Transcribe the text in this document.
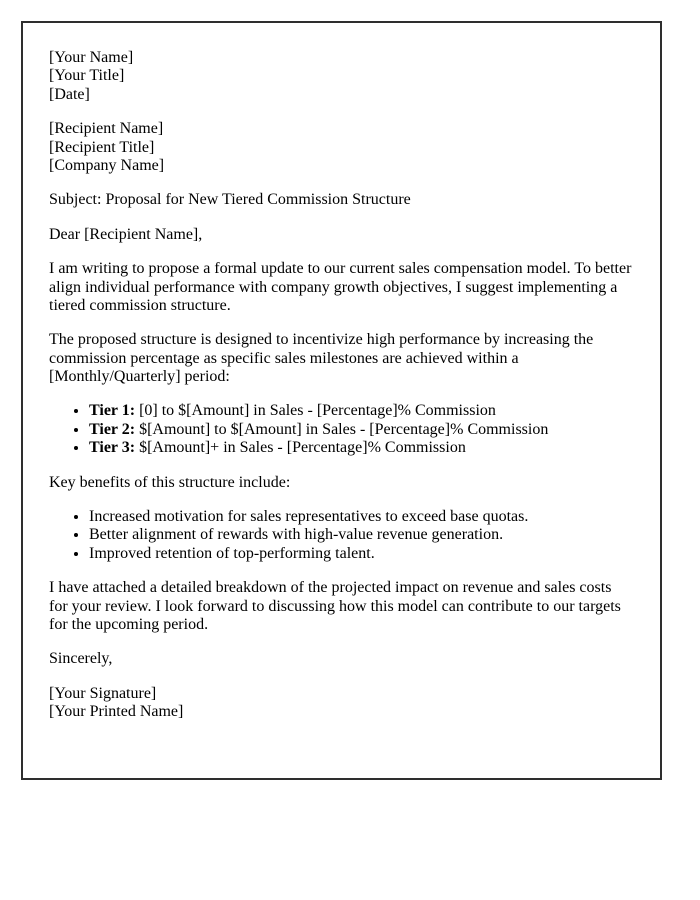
[Your Name]
[Your Title]
[Date]

[Recipient Name]
[Recipient Title]
[Company Name]

Subject: Proposal for New Tiered Commission Structure

Dear [Recipient Name],

I am writing to propose a formal update to our current sales compensation model. To better align individual performance with company growth objectives, I suggest implementing a tiered commission structure.

The proposed structure is designed to incentivize high performance by increasing the commission percentage as specific sales milestones are achieved within a [Monthly/Quarterly] period:

• Tier 1: [0] to $[Amount] in Sales - [Percentage]% Commission
• Tier 2: $[Amount] to $[Amount] in Sales - [Percentage]% Commission
• Tier 3: $[Amount]+ in Sales - [Percentage]% Commission

Key benefits of this structure include:

• Increased motivation for sales representatives to exceed base quotas.
• Better alignment of rewards with high-value revenue generation.
• Improved retention of top-performing talent.

I have attached a detailed breakdown of the projected impact on revenue and sales costs for your review. I look forward to discussing how this model can contribute to our targets for the upcoming period.

Sincerely,

[Your Signature]
[Your Printed Name]
